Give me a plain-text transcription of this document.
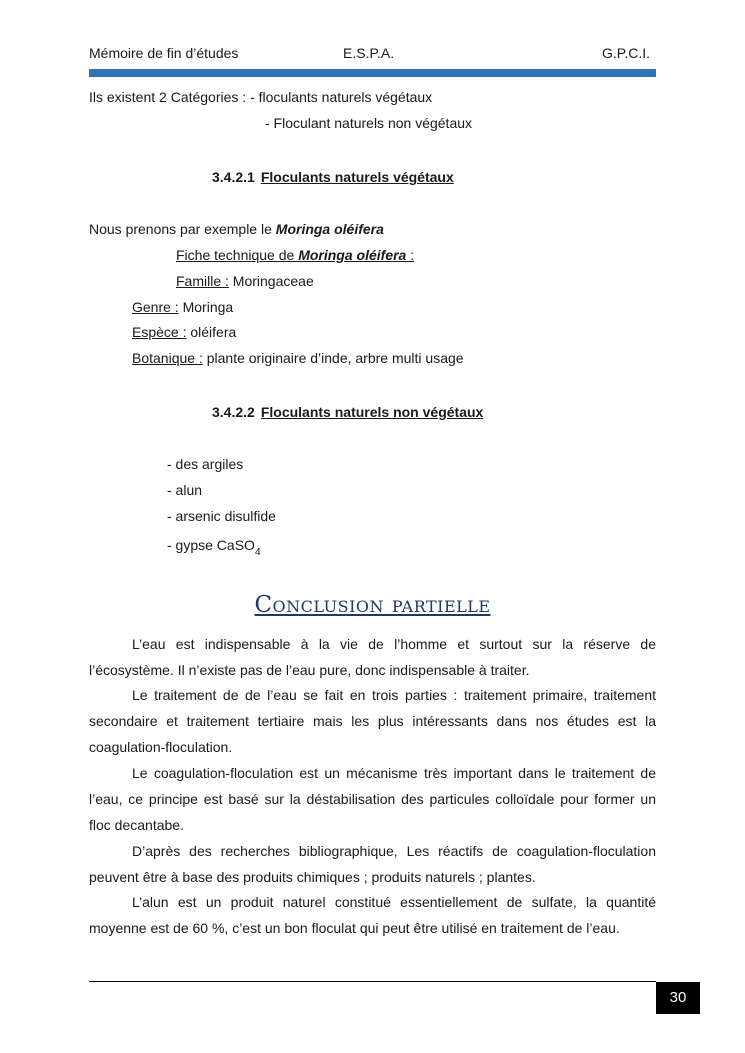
Mémoire de fin d’études	E.S.P.A.	G.P.C.I.
Ils existent 2 Catégories : - floculants naturels végétaux
- Floculant naturels non végétaux
3.4.2.1 Floculants naturels végétaux
Nous prenons par exemple le Moringa oléifera
Fiche technique de Moringa oléifera :
Famille : Moringaceae
Genre : Moringa
Espèce : oléifera
Botanique : plante originaire d’inde, arbre multi usage
3.4.2.2 Floculants naturels non végétaux
- des argiles
- alun
- arsenic disulfide
- gypse CaSO$_4$
Conclusion partielle
L’eau est indispensable à la vie de l’homme et surtout sur la réserve de l’écosystème. Il n’existe pas de l’eau pure, donc indispensable à traiter.
Le traitement de de l’eau se fait en trois parties : traitement primaire, traitement secondaire et traitement tertiaire mais les plus intéressants dans nos études est la coagulation-floculation.
Le coagulation-floculation est un mécanisme très important dans le traitement de l’eau, ce principe est basé sur la déstabilisation des particules colloïdale pour former un floc decantabe.
D’après des recherches bibliographique, Les réactifs de coagulation-floculation peuvent être à base des produits chimiques ; produits naturels ; plantes.
L’alun est un produit naturel constitué essentiellement de sulfate, la quantité moyenne est de 60 %, c’est un bon floculat qui peut être utilisé en traitement de l’eau.
30
